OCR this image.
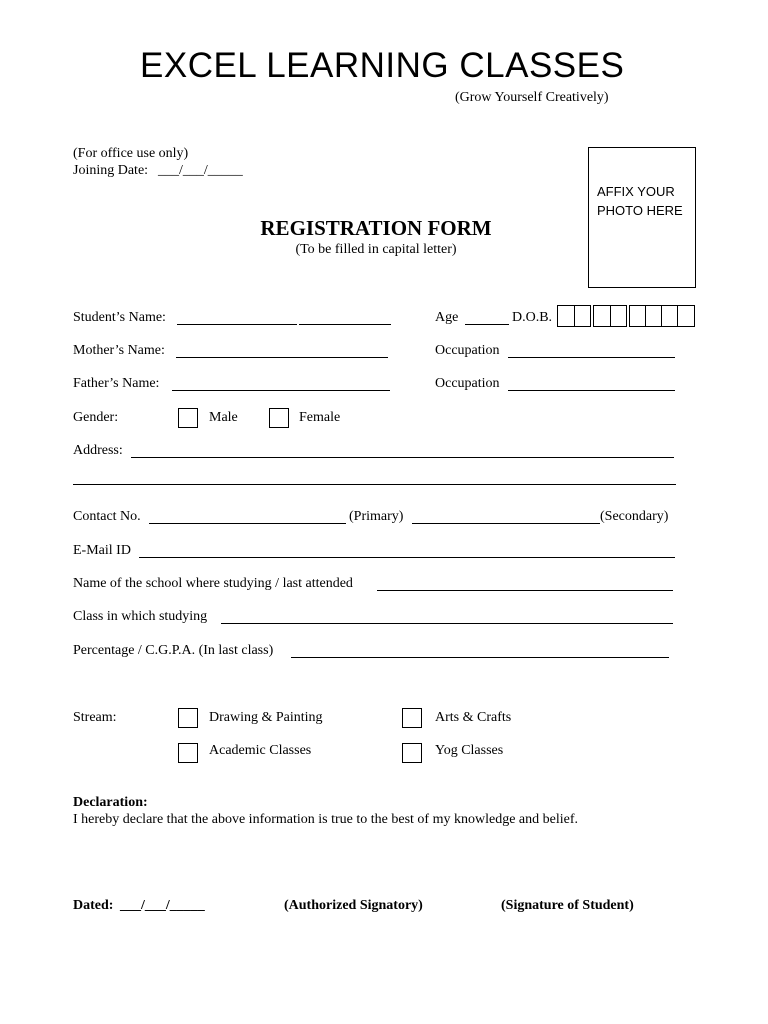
EXCEL LEARNING CLASSES
(Grow Yourself Creatively)
(For office use only)
Joining Date: ___/___/_____
AFFIX YOUR
PHOTO HERE
REGISTRATION FORM
(To be filled in capital letter)
Student’s Name:	Age	D.O.B.
Mother’s Name:	Occupation
Father’s Name:	Occupation
Gender:	Male	Female
Address:
Contact No.	(Primary)	(Secondary)
E-Mail ID
Name of the school where studying / last attended
Class in which studying
Percentage / C.G.P.A. (In last class)
Stream:	Drawing & Painting	Arts & Crafts
Academic Classes	Yog Classes
Declaration:
I hereby declare that the above information is true to the best of my knowledge and belief.
Dated: ___/___/_____	(Authorized Signatory)	(Signature of Student)
